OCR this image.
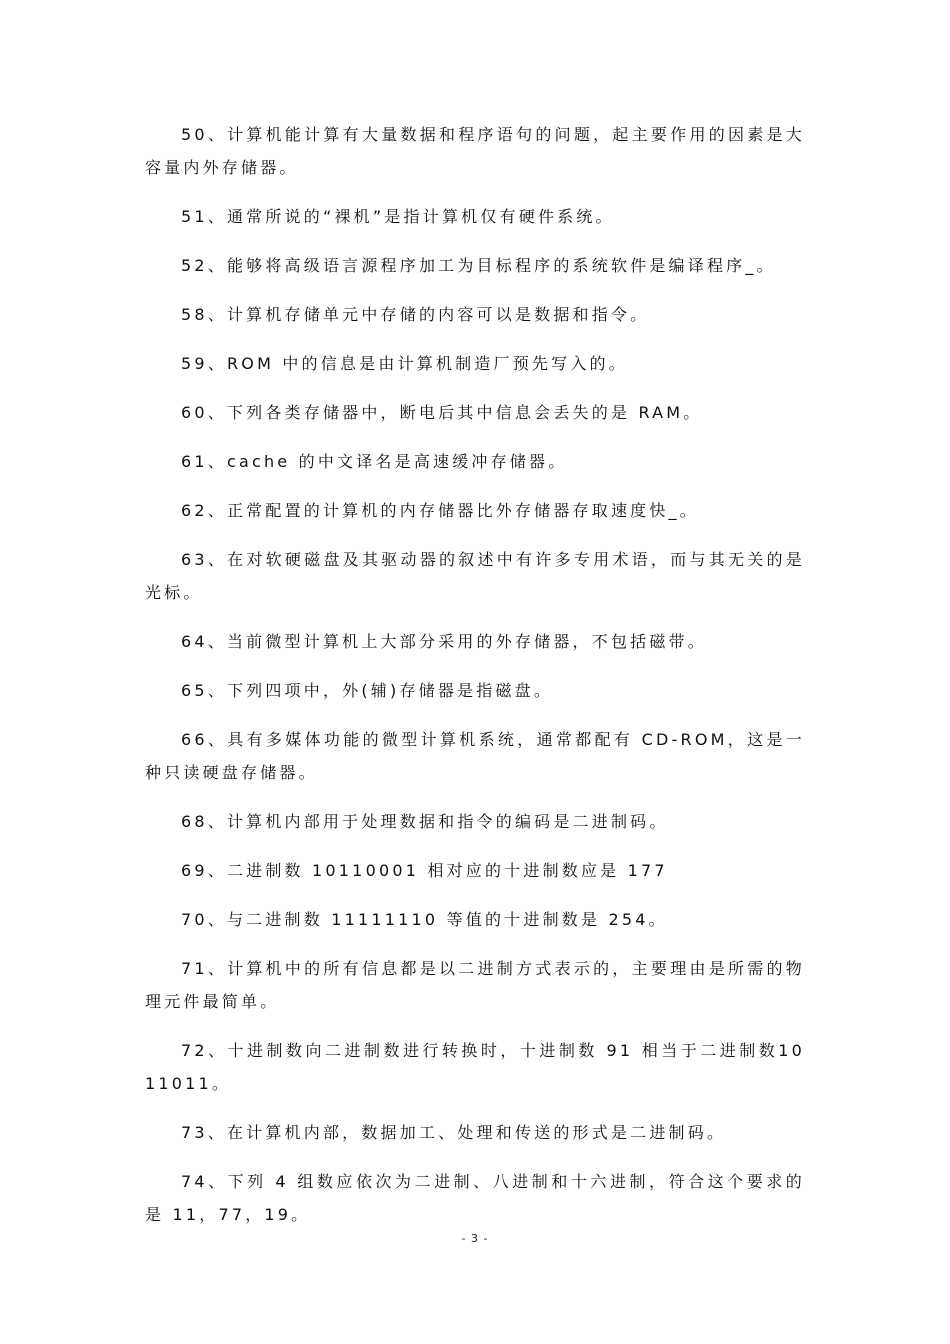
50、计算机能计算有大量数据和程序语句的问题，起主要作用的因素是大容量内外存储器。

51、通常所说的“裸机”是指计算机仅有硬件系统。

52、能够将高级语言源程序加工为目标程序的系统软件是编译程序_。

58、计算机存储单元中存储的内容可以是数据和指令。

59、ROM 中的信息是由计算机制造厂预先写入的。

60、下列各类存储器中，断电后其中信息会丢失的是 RAM。

61、cache 的中文译名是高速缓冲存储器。

62、正常配置的计算机的内存储器比外存储器存取速度快_。

63、在对软硬磁盘及其驱动器的叙述中有许多专用术语，而与其无关的是光标。

64、当前微型计算机上大部分采用的外存储器，不包括磁带。

65、下列四项中，外(辅)存储器是指磁盘。

66、具有多媒体功能的微型计算机系统，通常都配有 CD-ROM，这是一种只读硬盘存储器。

68、计算机内部用于处理数据和指令的编码是二进制码。

69、二进制数 10110001 相对应的十进制数应是 177

70、与二进制数 11111110 等值的十进制数是 254。

71、计算机中的所有信息都是以二进制方式表示的，主要理由是所需的物理元件最简单。

72、十进制数向二进制数进行转换时，十进制数 91 相当于二进制数1011011。

73、在计算机内部，数据加工、处理和传送的形式是二进制码。

74、下列 4 组数应依次为二进制、八进制和十六进制，符合这个要求的是 11，77，19。

- 3 -
